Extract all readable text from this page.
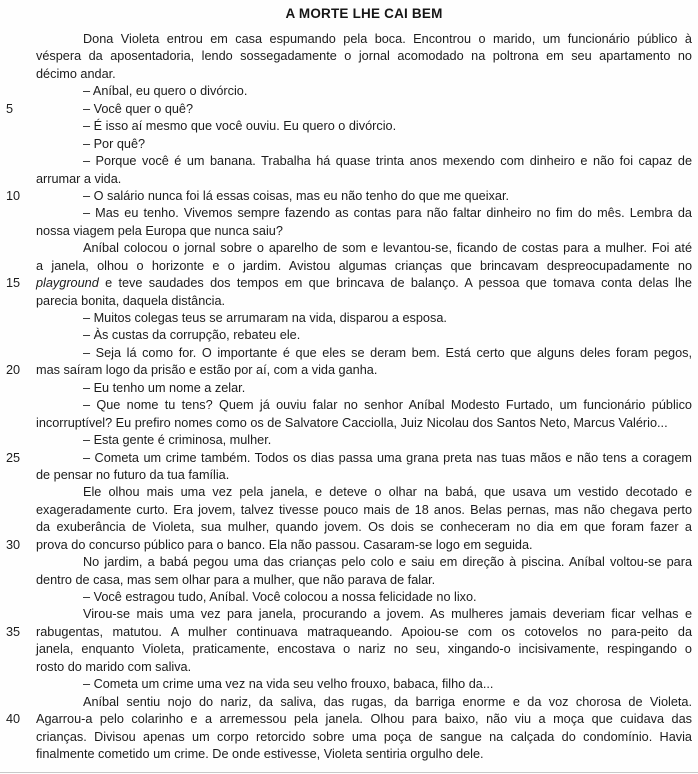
A MORTE LHE CAI BEM
Dona Violeta entrou em casa espumando pela boca. Encontrou o marido, um funcionário público à
véspera da aposentadoria, lendo sossegadamente o jornal acomodado na poltrona em seu apartamento no
décimo andar.
– Aníbal, eu quero o divórcio.
5	– Você quer o quê?
– É isso aí mesmo que você ouviu. Eu quero o divórcio.
– Por quê?
– Porque você é um banana. Trabalha há quase trinta anos mexendo com dinheiro e não foi capaz de
arrumar a vida.
10	– O salário nunca foi lá essas coisas, mas eu não tenho do que me queixar.
– Mas eu tenho. Vivemos sempre fazendo as contas para não faltar dinheiro no fim do mês. Lembra da
nossa viagem pela Europa que nunca saiu?
Aníbal colocou o jornal sobre o aparelho de som e levantou-se, ficando de costas para a mulher. Foi até
a janela, olhou o horizonte e o jardim. Avistou algumas crianças que brincavam despreocupadamente no
15	playground e teve saudades dos tempos em que brincava de balanço. A pessoa que tomava conta delas lhe
parecia bonita, daquela distância.
– Muitos colegas teus se arrumaram na vida, disparou a esposa.
– Às custas da corrupção, rebateu ele.
– Seja lá como for. O importante é que eles se deram bem. Está certo que alguns deles foram pegos,
20	mas saíram logo da prisão e estão por aí, com a vida ganha.
– Eu tenho um nome a zelar.
– Que nome tu tens? Quem já ouviu falar no senhor Aníbal Modesto Furtado, um funcionário público
incorruptível? Eu prefiro nomes como os de Salvatore Cacciolla, Juiz Nicolau dos Santos Neto, Marcus Valério...
– Esta gente é criminosa, mulher.
25	– Cometa um crime também. Todos os dias passa uma grana preta nas tuas mãos e não tens a coragem
de pensar no futuro da tua família.
Ele olhou mais uma vez pela janela, e deteve o olhar na babá, que usava um vestido decotado e
exageradamente curto. Era jovem, talvez tivesse pouco mais de 18 anos. Belas pernas, mas não chegava perto
da exuberância de Violeta, sua mulher, quando jovem. Os dois se conheceram no dia em que foram fazer a
30	prova do concurso público para o banco. Ela não passou. Casaram-se logo em seguida.
No jardim, a babá pegou uma das crianças pelo colo e saiu em direção à piscina. Aníbal voltou-se para
dentro de casa, mas sem olhar para a mulher, que não parava de falar.
– Você estragou tudo, Aníbal. Você colocou a nossa felicidade no lixo.
Virou-se mais uma vez para janela, procurando a jovem. As mulheres jamais deveriam ficar velhas e
35	rabugentas, matutou. A mulher continuava matraqueando. Apoiou-se com os cotovelos no para-peito da
janela, enquanto Violeta, praticamente, encostava o nariz no seu, xingando-o incisivamente, respingando o
rosto do marido com saliva.
– Cometa um crime uma vez na vida seu velho frouxo, babaca, filho da...
Aníbal sentiu nojo do nariz, da saliva, das rugas, da barriga enorme e da voz chorosa de Violeta.
40	Agarrou-a pelo colarinho e a arremessou pela janela. Olhou para baixo, não viu a moça que cuidava das
crianças. Divisou apenas um corpo retorcido sobre uma poça de sangue na calçada do condomínio. Havia
finalmente cometido um crime. De onde estivesse, Violeta sentiria orgulho dele.
